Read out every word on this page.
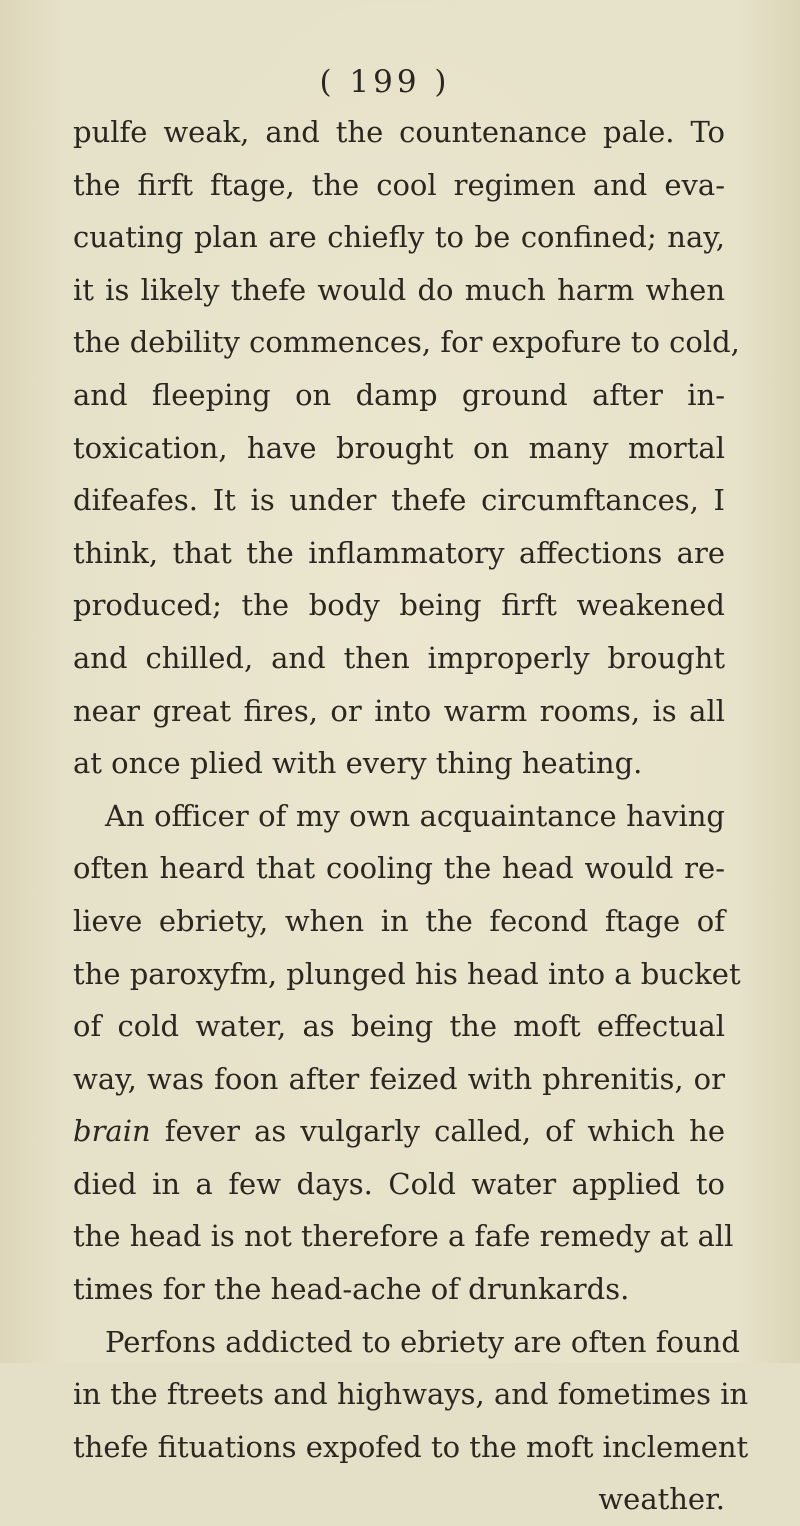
( 199 )
pulfe weak, and the countenance pale. To
the firft ftage, the cool regimen and eva-
cuating plan are chiefly to be confined; nay,
it is likely thefe would do much harm when
the debility commences, for expofure to cold,
and fleeping on damp ground after in-
toxication, have brought on many mortal
difeafes. It is under thefe circumftances, I
think, that the inflammatory affections are
produced; the body being firft weakened
and chilled, and then improperly brought
near great fires, or into warm rooms, is all
at once plied with every thing heating.
An officer of my own acquaintance having
often heard that cooling the head would re-
lieve ebriety, when in the fecond ftage of
the paroxyfm, plunged his head into a bucket
of cold water, as being the moft effectual
way, was foon after feized with phrenitis, or
brain fever as vulgarly called, of which he
died in a few days. Cold water applied to
the head is not therefore a fafe remedy at all
times for the head-ache of drunkards.
Perfons addicted to ebriety are often found
in the ftreets and highways, and fometimes in
thefe fituations expofed to the moft inclement
weather.
